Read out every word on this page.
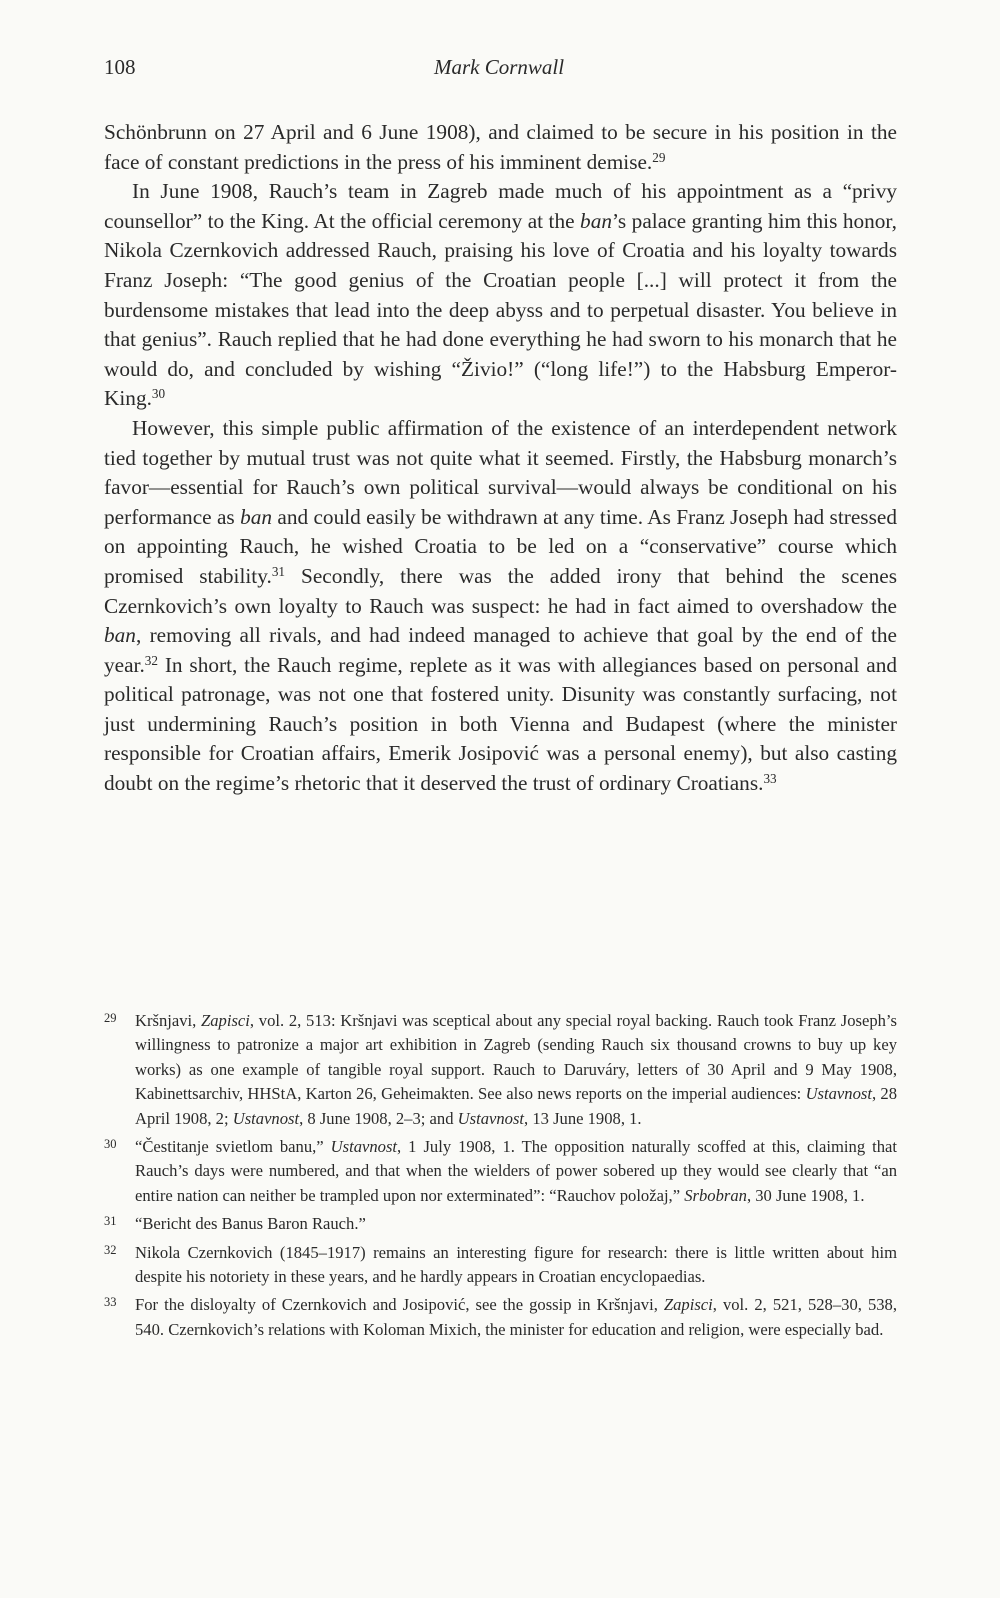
108	Mark Cornwall

Schönbrunn on 27 April and 6 June 1908), and claimed to be secure in his position in the face of constant predictions in the press of his imminent demise.$^{29}$

In June 1908, Rauch’s team in Zagreb made much of his appointment as a “privy counsellor” to the King. At the official ceremony at the ban’s palace granting him this honor, Nikola Czernkovich addressed Rauch, praising his love of Croatia and his loyalty towards Franz Joseph: “The good genius of the Croatian people [...] will protect it from the burdensome mistakes that lead into the deep abyss and to perpetual disaster. You believe in that genius”. Rauch replied that he had done everything he had sworn to his monarch that he would do, and concluded by wishing “Živio!” (“long life!”) to the Habsburg Emperor-King.$^{30}$

However, this simple public affirmation of the existence of an interdependent network tied together by mutual trust was not quite what it seemed. Firstly, the Habsburg monarch’s favor—essential for Rauch’s own political survival—would always be conditional on his performance as ban and could easily be withdrawn at any time. As Franz Joseph had stressed on appointing Rauch, he wished Croatia to be led on a “conservative” course which promised stability.$^{31}$ Secondly, there was the added irony that behind the scenes Czernkovich’s own loyalty to Rauch was suspect: he had in fact aimed to overshadow the ban, removing all rivals, and had indeed managed to achieve that goal by the end of the year.$^{32}$ In short, the Rauch regime, replete as it was with allegiances based on personal and political patronage, was not one that fostered unity. Disunity was constantly surfacing, not just undermining Rauch’s position in both Vienna and Budapest (where the minister responsible for Croatian affairs, Emerik Josipović was a personal enemy), but also casting doubt on the regime’s rhetoric that it deserved the trust of ordinary Croatians.$^{33}$

29 Kršnjavi, Zapisci, vol. 2, 513: Kršnjavi was sceptical about any special royal backing. Rauch took Franz Joseph’s willingness to patronize a major art exhibition in Zagreb (sending Rauch six thousand crowns to buy up key works) as one example of tangible royal support. Rauch to Daruváry, letters of 30 April and 9 May 1908, Kabinettsarchiv, HHStA, Karton 26, Geheimakten. See also news reports on the imperial audiences: Ustavnost, 28 April 1908, 2; Ustavnost, 8 June 1908, 2–3; and Ustavnost, 13 June 1908, 1.
30 “Čestitanje svietlom banu,” Ustavnost, 1 July 1908, 1. The opposition naturally scoffed at this, claiming that Rauch’s days were numbered, and that when the wielders of power sobered up they would see clearly that “an entire nation can neither be trampled upon nor exterminated”: “Rauchov položaj,” Srbobran, 30 June 1908, 1.
31 “Bericht des Banus Baron Rauch.”
32 Nikola Czernkovich (1845–1917) remains an interesting figure for research: there is little written about him despite his notoriety in these years, and he hardly appears in Croatian encyclopaedias.
33 For the disloyalty of Czernkovich and Josipović, see the gossip in Kršnjavi, Zapisci, vol. 2, 521, 528–30, 538, 540. Czernkovich’s relations with Koloman Mixich, the minister for education and religion, were especially bad.
